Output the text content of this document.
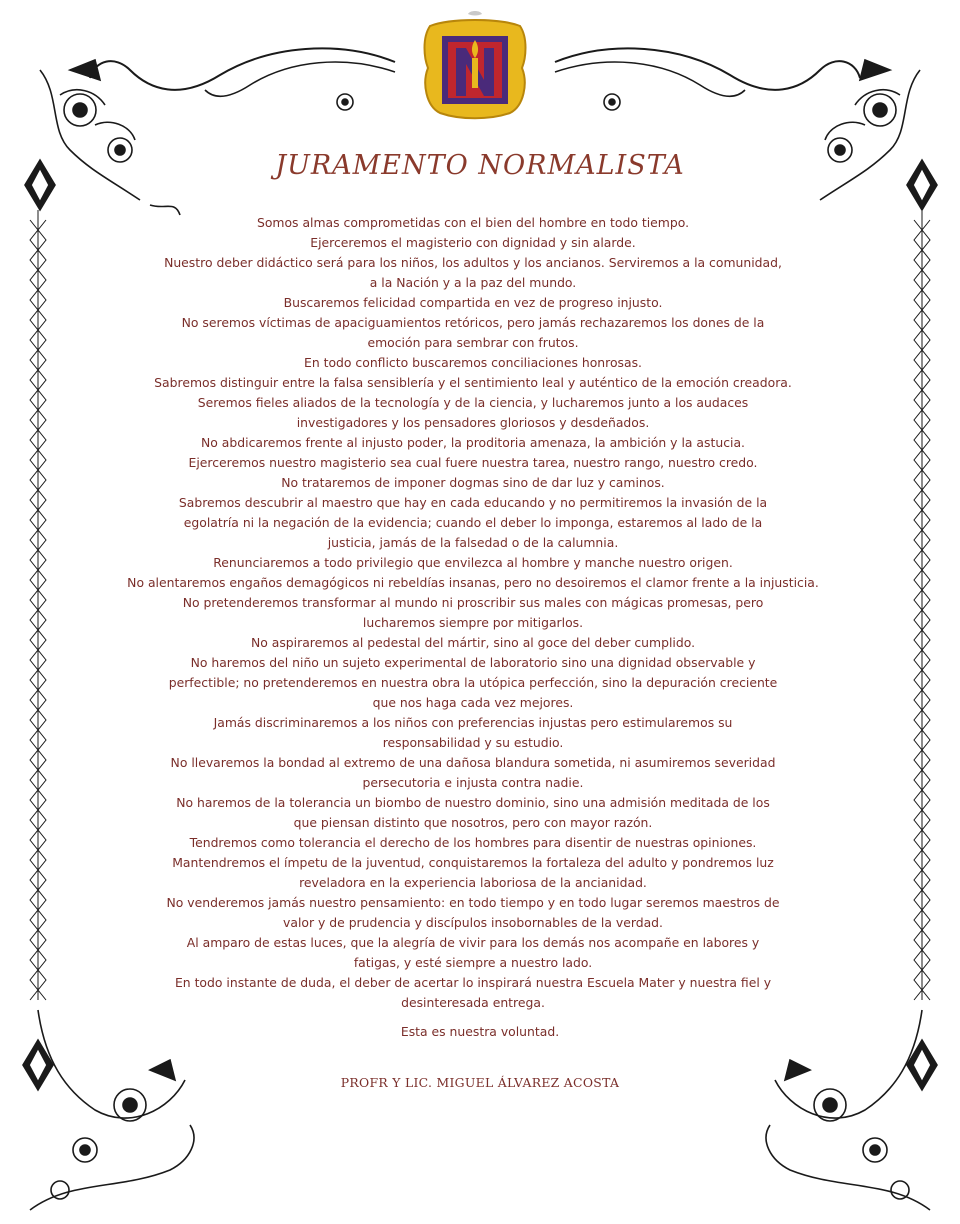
JURAMENTO NORMALISTA
Somos almas comprometidas con el bien del hombre en todo tiempo.
Ejerceremos el magisterio con dignidad y sin alarde.
Nuestro deber didáctico será para los niños, los adultos y los ancianos. Serviremos a la comunidad,
a la Nación y a la paz del mundo.
Buscaremos felicidad compartida en vez de progreso injusto.
No seremos víctimas de apaciguamientos retóricos, pero jamás rechazaremos los dones de la
emoción para sembrar con frutos.
En todo conflicto buscaremos conciliaciones honrosas.
Sabremos distinguir entre la falsa sensiblería y el sentimiento leal y auténtico de la emoción creadora.
Seremos fieles aliados de la tecnología y de la ciencia, y lucharemos junto a los audaces
investigadores y los pensadores gloriosos y desdeñados.
No abdicaremos frente al injusto poder, la proditoria amenaza, la ambición y la astucia.
Ejerceremos nuestro magisterio sea cual fuere nuestra tarea, nuestro rango, nuestro credo.
No trataremos de imponer dogmas sino de dar luz y caminos.
Sabremos descubrir al maestro que hay en cada educando y no permitiremos la invasión de la
egolatría ni la negación de la evidencia; cuando el deber lo imponga, estaremos al lado de la
justicia, jamás de la falsedad o de la calumnia.
Renunciaremos a todo privilegio que envilezca al hombre y manche nuestro origen.
No alentaremos engaños demagógicos ni rebeldías insanas, pero no desoiremos el clamor frente a la injusticia.
No pretenderemos transformar al mundo ni proscribir sus males con mágicas promesas, pero
lucharemos siempre por mitigarlos.
No aspiraremos al pedestal del mártir, sino al goce del deber cumplido.
No haremos del niño un sujeto experimental de laboratorio sino una dignidad observable y
perfectible; no pretenderemos en nuestra obra la utópica perfección, sino la depuración creciente
que nos haga cada vez mejores.
Jamás discriminaremos a los niños con preferencias injustas pero estimularemos su
responsabilidad y su estudio.
No llevaremos la bondad al extremo de una dañosa blandura sometida, ni asumiremos severidad
persecutoria e injusta contra nadie.
No haremos de la tolerancia un biombo de nuestro dominio, sino una admisión meditada de los
que piensan distinto que nosotros, pero con mayor razón.
Tendremos como tolerancia el derecho de los hombres para disentir de nuestras opiniones.
Mantendremos el ímpetu de la juventud, conquistaremos la fortaleza del adulto y pondremos luz
reveladora en la experiencia laboriosa de la ancianidad.
No venderemos jamás nuestro pensamiento: en todo tiempo y en todo lugar seremos maestros de
valor y de prudencia y discípulos insobornables de la verdad.
Al amparo de estas luces, que la alegría de vivir para los demás nos acompañe en labores y
fatigas, y esté siempre a nuestro lado.
En todo instante de duda, el deber de acertar lo inspirará nuestra Escuela Mater y nuestra fiel y
desinteresada entrega.
Esta es nuestra voluntad.
PROFR Y LIC. MIGUEL ÁLVAREZ ACOSTA
